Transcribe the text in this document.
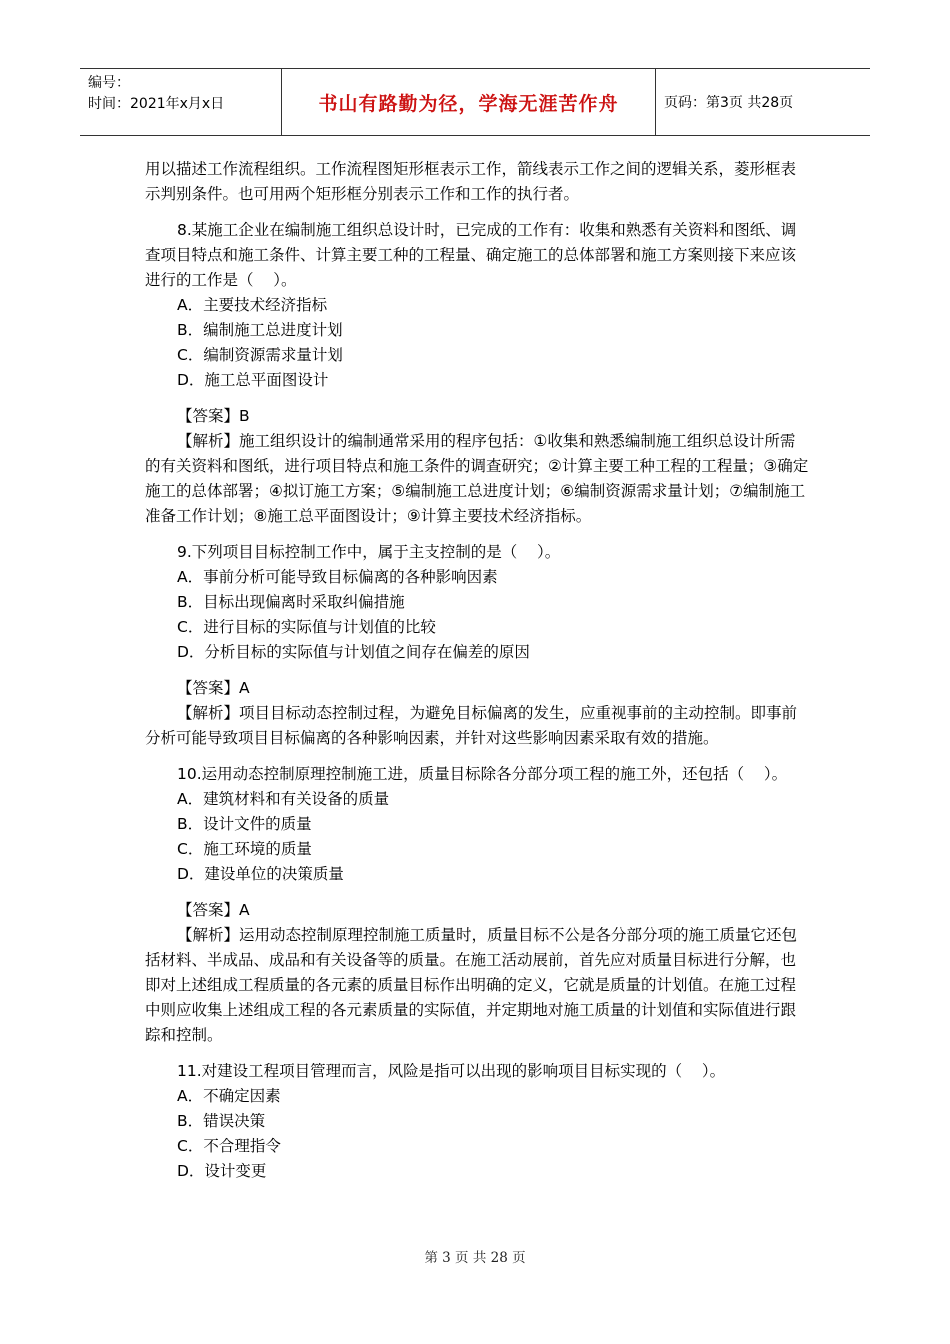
编号：
时间：2021年x月x日	书山有路勤为径，学海无涯苦作舟	页码：第3页 共28页

用以描述工作流程组织。工作流程图矩形框表示工作，箭线表示工作之间的逻辑关系，菱形框表示判别条件。也可用两个矩形框分别表示工作和工作的执行者。

8.某施工企业在编制施工组织总设计时，已完成的工作有：收集和熟悉有关资料和图纸、调查项目特点和施工条件、计算主要工种的工程量、确定施工的总体部署和施工方案则接下来应该进行的工作是（    ）。

A．主要技术经济指标

B．编制施工总进度计划

C．编制资源需求量计划

D．施工总平面图设计

【答案】B

【解析】施工组织设计的编制通常采用的程序包括：①收集和熟悉编制施工组织总设计所需的有关资料和图纸，进行项目特点和施工条件的调查研究；②计算主要工种工程的工程量；③确定施工的总体部署；④拟订施工方案；⑤编制施工总进度计划；⑥编制资源需求量计划；⑦编制施工准备工作计划；⑧施工总平面图设计；⑨计算主要技术经济指标。

9.下列项目目标控制工作中，属于主支控制的是（    ）。

A．事前分析可能导致目标偏离的各种影响因素

B．目标出现偏离时采取纠偏措施

C．进行目标的实际值与计划值的比较

D．分析目标的实际值与计划值之间存在偏差的原因

【答案】A

【解析】项目目标动态控制过程，为避免目标偏离的发生，应重视事前的主动控制。即事前分析可能导致项目目标偏离的各种影响因素，并针对这些影响因素采取有效的措施。

10.运用动态控制原理控制施工进，质量目标除各分部分项工程的施工外，还包括（    ）。

A．建筑材料和有关设备的质量

B．设计文件的质量

C．施工环境的质量

D．建设单位的决策质量

【答案】A

【解析】运用动态控制原理控制施工质量时，质量目标不公是各分部分项的施工质量它还包括材料、半成品、成品和有关设备等的质量。在施工活动展前，首先应对质量目标进行分解，也即对上述组成工程质量的各元素的质量目标作出明确的定义，它就是质量的计划值。在施工过程中则应收集上述组成工程的各元素质量的实际值，并定期地对施工质量的计划值和实际值进行跟踪和控制。

11.对建设工程项目管理而言，风险是指可以出现的影响项目目标实现的（    ）。

A．不确定因素

B．错误决策

C．不合理指令

D．设计变更

第 3 页 共 28 页
